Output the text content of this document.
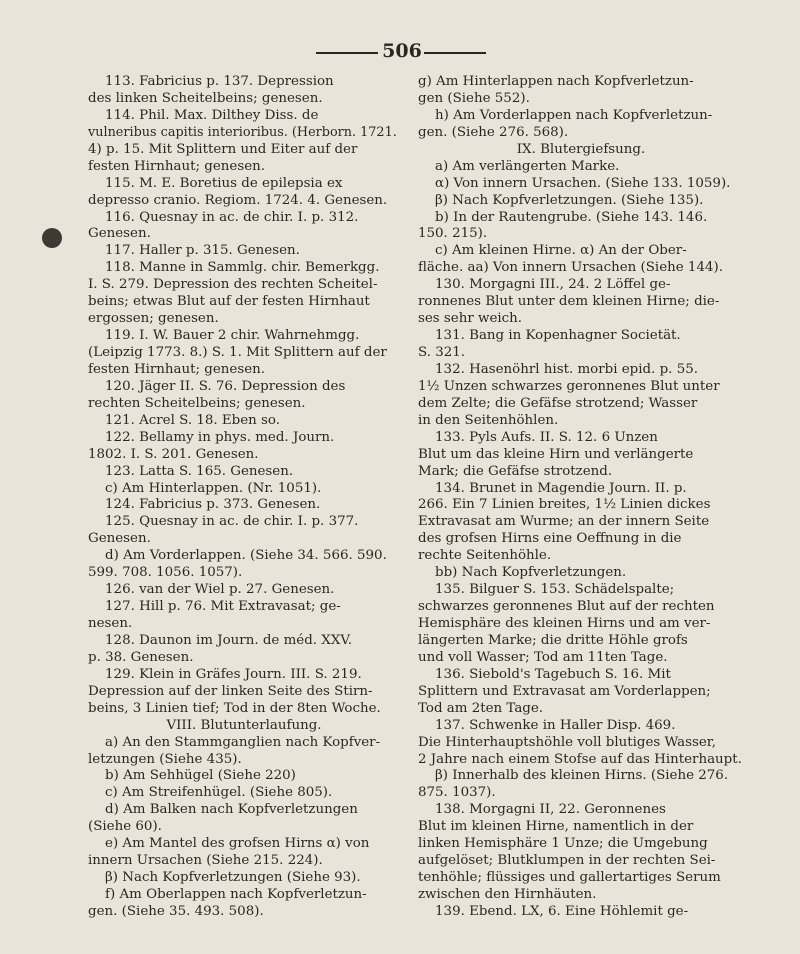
506
113. Fabricius p. 137. Depression
des linken Scheitelbeins; genesen.
114. Phil. Max. Dilthey Diss. de
vulneribus capitis interioribus. (Herborn. 1721.
4) p. 15. Mit Splittern und Eiter auf der
festen Hirnhaut; genesen.
115. M. E. Boretius de epilepsia ex
depresso cranio. Regiom. 1724. 4. Genesen.
116. Quesnay in ac. de chir. I. p. 312.
Genesen.
117. Haller p. 315. Genesen.
118. Manne in Sammlg. chir. Bemerkgg.
I. S. 279. Depression des rechten Scheitel-
beins; etwas Blut auf der festen Hirnhaut
ergossen; genesen.
119. I. W. Bauer 2 chir. Wahrnehmgg.
(Leipzig 1773. 8.) S. 1. Mit Splittern auf der
festen Hirnhaut; genesen.
120. Jäger II. S. 76. Depression des
rechten Scheitelbeins; genesen.
121. Acrel S. 18. Eben so.
122. Bellamy in phys. med. Journ.
1802. I. S. 201. Genesen.
123. Latta S. 165. Genesen.
c) Am Hinterlappen. (Nr. 1051).
124. Fabricius p. 373. Genesen.
125. Quesnay in ac. de chir. I. p. 377.
Genesen.
d) Am Vorderlappen. (Siehe 34. 566. 590.
599. 708. 1056. 1057).
126. van der Wiel p. 27. Genesen.
127. Hill p. 76. Mit Extravasat; ge-
nesen.
128. Daunon im Journ. de méd. XXV.
p. 38. Genesen.
129. Klein in Gräfes Journ. III. S. 219.
Depression auf der linken Seite des Stirn-
beins, 3 Linien tief; Tod in der 8ten Woche.
VIII. Blutunterlaufung.
a) An den Stammganglien nach Kopfver-
letzungen (Siehe 435).
b) Am Sehhügel (Siehe 220)
c) Am Streifenhügel. (Siehe 805).
d) Am Balken nach Kopfverletzungen
(Siehe 60).
e) Am Mantel des grofsen Hirns α) von
innern Ursachen (Siehe 215. 224).
β) Nach Kopfverletzungen (Siehe 93).
f) Am Oberlappen nach Kopfverletzun-
gen. (Siehe 35. 493. 508).
g) Am Hinterlappen nach Kopfverletzun-
gen (Siehe 552).
h) Am Vorderlappen nach Kopfverletzun-
gen. (Siehe 276. 568).
IX. Blutergiefsung.
a) Am verlängerten Marke.
α) Von innern Ursachen. (Siehe 133. 1059).
β) Nach Kopfverletzungen. (Siehe 135).
b) In der Rautengrube. (Siehe 143. 146.
150. 215).
c) Am kleinen Hirne. α) An der Ober-
fläche. aa) Von innern Ursachen (Siehe 144).
130. Morgagni III., 24. 2 Löffel ge-
ronnenes Blut unter dem kleinen Hirne; die-
ses sehr weich.
131. Bang in Kopenhagner Societät.
S. 321.
132. Hasenöhrl hist. morbi epid. p. 55.
1½ Unzen schwarzes geronnenes Blut unter
dem Zelte; die Gefäfse strotzend; Wasser
in den Seitenhöhlen.
133. Pyls Aufs. II. S. 12. 6 Unzen
Blut um das kleine Hirn und verlängerte
Mark; die Gefäfse strotzend.
134. Brunet in Magendie Journ. II. p.
266. Ein 7 Linien breites, 1½ Linien dickes
Extravasat am Wurme; an der innern Seite
des grofsen Hirns eine Oeffnung in die
rechte Seitenhöhle.
bb) Nach Kopfverletzungen.
135. Bilguer S. 153. Schädelspalte;
schwarzes geronnenes Blut auf der rechten
Hemisphäre des kleinen Hirns und am ver-
längerten Marke; die dritte Höhle grofs
und voll Wasser; Tod am 11ten Tage.
136. Siebold's Tagebuch S. 16. Mit
Splittern und Extravasat am Vorderlappen;
Tod am 2ten Tage.
137. Schwenke in Haller Disp. 469.
Die Hinterhauptshöhle voll blutiges Wasser,
2 Jahre nach einem Stofse auf das Hinterhaupt.
β) Innerhalb des kleinen Hirns. (Siehe 276.
875. 1037).
138. Morgagni II, 22. Geronnenes
Blut im kleinen Hirne, namentlich in der
linken Hemisphäre 1 Unze; die Umgebung
aufgelöset; Blutklumpen in der rechten Sei-
tenhöhle; flüssiges und gallertartiges Serum
zwischen den Hirnhäuten.
139. Ebend. LX, 6. Eine Höhlemit ge-
